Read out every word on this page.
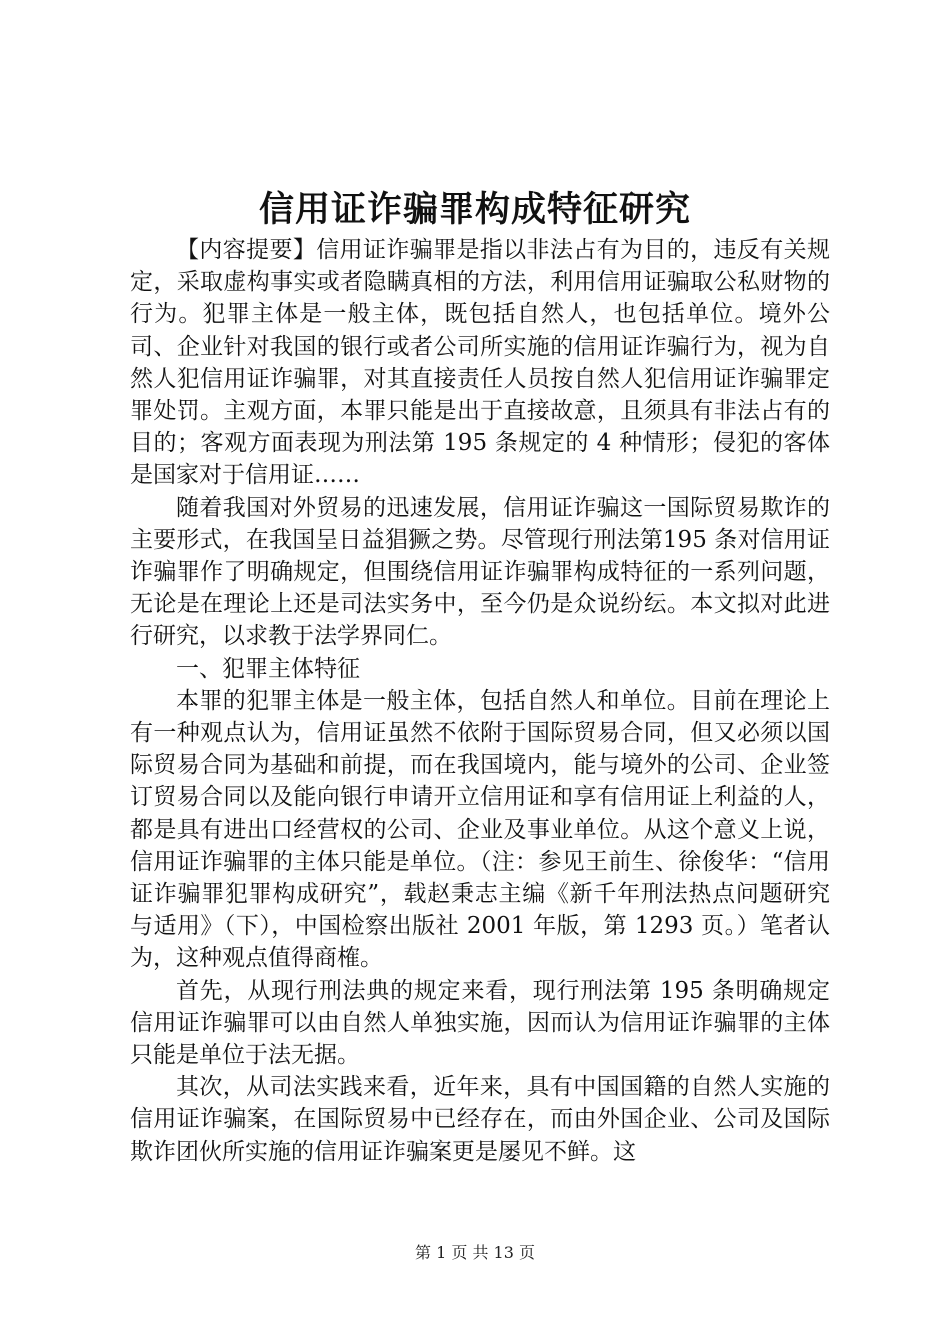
信用证诈骗罪构成特征研究

【内容提要】信用证诈骗罪是指以非法占有为目的，违反有关规定，采取虚构事实或者隐瞒真相的方法，利用信用证骗取公私财物的行为。犯罪主体是一般主体，既包括自然人，也包括单位。境外公司、企业针对我国的银行或者公司所实施的信用证诈骗行为，视为自然人犯信用证诈骗罪，对其直接责任人员按自然人犯信用证诈骗罪定罪处罚。主观方面，本罪只能是出于直接故意，且须具有非法占有的目的；客观方面表现为刑法第 195 条规定的 4 种情形；侵犯的客体是国家对于信用证……

随着我国对外贸易的迅速发展，信用证诈骗这一国际贸易欺诈的主要形式，在我国呈日益猖獗之势。尽管现行刑法第195 条对信用证诈骗罪作了明确规定，但围绕信用证诈骗罪构成特征的一系列问题，无论是在理论上还是司法实务中，至今仍是众说纷纭。本文拟对此进行研究，以求教于法学界同仁。

一、犯罪主体特征

本罪的犯罪主体是一般主体，包括自然人和单位。目前在理论上有一种观点认为，信用证虽然不依附于国际贸易合同，但又必须以国际贸易合同为基础和前提，而在我国境内，能与境外的公司、企业签订贸易合同以及能向银行申请开立信用证和享有信用证上利益的人，都是具有进出口经营权的公司、企业及事业单位。从这个意义上说，信用证诈骗罪的主体只能是单位。（注：参见王前生、徐俊华：“信用证诈骗罪犯罪构成研究”，载赵秉志主编《新千年刑法热点问题研究与适用》（下），中国检察出版社 2001 年版，第 1293 页。）笔者认为，这种观点值得商榷。

首先，从现行刑法典的规定来看，现行刑法第 195 条明确规定信用证诈骗罪可以由自然人单独实施，因而认为信用证诈骗罪的主体只能是单位于法无据。

其次，从司法实践来看，近年来，具有中国国籍的自然人实施的信用证诈骗案，在国际贸易中已经存在，而由外国企业、公司及国际欺诈团伙所实施的信用证诈骗案更是屡见不鲜。这

第 1 页 共 13 页
